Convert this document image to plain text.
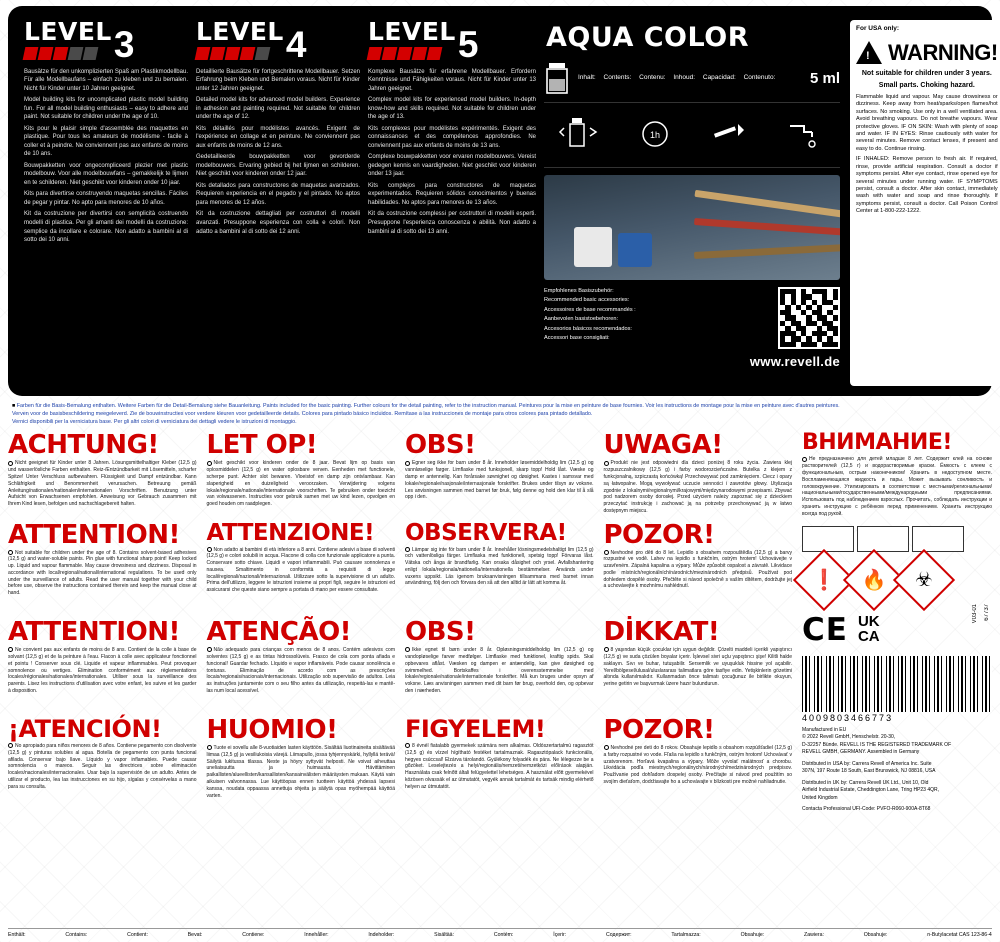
LEVEL 3

Bausätze für den unkomplizierten Spaß am Plastikmodellbau. Für alle Modellbaufans – einfach zu kleben und zu bemalen. Nicht für Kinder unter 10 Jahren geeignet.

Model building kits for uncomplicated plastic model building fun. For all model building enthusiasts – easy to adhere and paint. Not suitable for children under the age of 10.

Kits pour le plaisir simple d'assemblée des maquettes en plastique. Pour tous les amateurs de modélisme - facile à coller et à peindre. Ne conviennent pas aux enfants de moins de 10 ans.

Bouwpakketten voor ongecompliceerd plezier met plastic modelbouw. Voor alle modelbouwfans – gemakkelijk te lijmen en te schilderen. Niet geschikt voor kinderen onder 10 jaar.

Kits para divertirse construyendo maquetas sencillas. Fáciles de pegar y pintar. No apto para menores de 10 años.

Kit da costruzione per divertirsi con semplicità costruendo modelli di plastica. Per gli amanti dei modelli da costruzione: semplice da incollare e colorare. Non adatto a bambini al di sotto dei 10 anni.

LEVEL 4

Detaillierte Bausätze für fortgeschrittene Modellbauer. Setzen Erfahrung beim Kleben und Bemalen voraus. Nicht für Kinder unter 12 Jahren geeignet.

Detailed model kits for advanced model builders. Experience in adhesion and painting required. Not suitable for children under the age of 12.

Kits détaillés pour modélistes avancés. Exigent de l'expérience en collage et en peinture. Ne conviennent pas aux enfants de moins de 12 ans.

Gedetailleerde bouwpakketten voor gevorderde modelbouwers. Ervaring gebied bij het lijmen en schilderen. Niet geschikt voor kinderen onder 12 jaar.

Kits detallados para constructores de maquetas avanzados. Requieren experiencia en el pegado y el pintado. No aptos para menores de 12 años.

Kit da costruzione dettagliati per costruttori di modelli avanzati. Presuppone esperienza con colla e colori. Non adatto a bambini al di sotto dei 12 anni.

LEVEL 5

Komplexe Bausätze für erfahrene Modellbauer. Erfordern Kenntnisse und Fähigkeiten voraus. Nicht für Kinder unter 13 Jahren geeignet.

Complex model kits for experienced model builders. In-depth know-how and skills required. Not suitable for children under the age of 13.

Kits complexes pour modélistes expérimentés. Exigent des connaissances et des compétences approfondies. Ne conviennent pas aux enfants de moins de 13 ans.

Complexe bouwpakketten voor ervaren modelbouwers. Vereist gedegen kennis en vaardigheden. Niet geschikt voor kinderen onder 13 jaar.

Kits complejos para constructores de maquetas experimentados. Requieren sólidos conocimientos y buenas habilidades. No aptos para menores de 13 años.

Kit da costruzione complessi per costruttori di modelli esperti. Presuppone l'esperienza conoscenza e abilità. Non adatto a bambini al di sotto dei 13 anni.

AQUA COLOR
Inhalt: Contents: Contenu: Inhoud: Capacidad: Contenuto:	5 ml
1h
Empfohlenes Basiszubehör:
Recommended basic accessories:
Accessoires de base recommandés :
Aanbevolen basistoebehoren:
Accesorios básicos recomendados:
Accessori base consigliati:
www.revell.de
For USA only:
!
WARNING!
Not suitable for children under 3 years.
Small parts. Choking hazard.

Flammable liquid and vapour. May cause drowsiness or dizziness. Keep away from heat/sparks/open flames/hot surfaces. No smoking. Use only in a well ventilated area. Avoid breathing vapours. Do not breathe vapours. Wear protective gloves. IF ON SKIN: Wash with plenty of soap and water. IF IN EYES: Rinse cautiously with water for several minutes. Remove contact lenses, if present and easy to do. Continue rinsing.

IF INHALED: Remove person to fresh air. If required, rinse, provide artificial respiration. Consult a doctor if symptoms persist. After eye contact, rinse opened eye for several minutes under running water. IF SYMPTOMS persist, consult a doctor. After skin contact, immediately wash with water and soap and rinse thoroughly. If symptoms persist, consult a doctor. Call Poison Control Center at 1-800-222-1222.

■ Farben für die Basis-Bemalung enthalten. Weitere Farben für die Detail-Bemalung siehe Bauanleitung. Paints included for the basic painting. Further colours for the detail painting, refer to the instruction manual. Peintures pour la mise en peinture de base fournies. Voir les instructions de montage pour la mise en peinture avec d'autres peintures.
Verven voor de basisbeschildering meegeleverd. Zie de bouwinstructies voor verdere kleuren voor gedetailleerde details. Colores para pintado básico incluidos. Remítase a las instrucciones de montaje para otros colores para pintado detallado.
Vernici disponibili per la verniciatura base. Per gli altri colori di verniciatura dei dettagli vedere le istruzioni di montaggio.
ACHTUNG!
Nicht geeignet für Kinder unter 8 Jahren. Lösungsmittelhaltiger Kleber (12,5 g) und wasserlösliche Farben enthalten. Reiz-/Entzündbarkeit mit Lösemitteln, scharfer Spitze! Unter Verschluss aufbewahren. Flüssigkeit und Dampf entzündbar. Kann Schläfrigkeit und Benommenheit verursachen. Betreuung gemäß Anleitung/nationalen/nationalen/internationalen Vorschriften. Benutzung unter Aufsicht von Erwachsenen empfohlen. Anweisung vor Gebrauch zusammen mit Ihrem Kind lesen, befolgen und nachschlagebereit halten.
LET OP!
Niet geschikt voor kinderen onder de 8 jaar. Bevat lijm op basis van oplosmiddelen (12,5 g) en water oplosbare verven. Eenheden met functionele, scherpe punt. Achter slot bewaren. Vloeistof en damp zijn ontvlambaar. Kan slaperigheid en duizeligheid veroorzaken. Verwijdering volgens lokale/regionale/nationale/internationale voorschriften. Te gebruiken onder toezicht van volwassenen. Instructies voor gebruik samen met uw kind lezen, opvolgen en goed houden om raadplegen.
OBS!
Egner seg ikke for barn under 8 år. Inneholder løsemiddelholdig lim (12,5 g) og vannløselige farger. Limflaske med funksjonell, skarp topp! Hold låst. Væske og damp er antennelig. Kan forårsake søvnighet og døsighet. Kastes i samsvar med lokale/regionale/nasjonale/internasjonale forskrifter. Brukes under tilsyn av voksne. Les anvisningen sammen med barnet før bruk, følg denne og hold den klar til å slå opp i den.
UWAGA!
Produkt nie jest odpowiedni dla dzieci poniżej 8 roku życia. Zawiera klej rozpuszczalnikowy (12,5 g) i farby wodorozcieńczalne. Butelka z klejem z funkcjonalną, szpiczastą końcówką! Przechowywać pod zamknięciem. Ciecz i opary są łatwopalne. Mogą wywoływać uczucie senności i zawrotów głowy. Utylizacja zgodnie z lokalnymi/regionalnymi/krajowymi/międzynarodowymi przepisami. Zbywać pod nadzorem osoby dorosłej. Przed użyciem należy zapoznać się z dzieckiem przeczytać instrukcję i zachować ją na potrzeby przechowywać ją w łatwo dostępnym miejscu.
ВНИМАНИЕ!
Не предназначено для детей младше 8 лет. Содержит клей на основе растворителей (12,5 г) и водорастворимые краски. Ёмкость с клеем с функциональным, острым наконечником! Хранить в недоступном месте. Воспламеняющаяся жидкость и пары. Может вызывать сонливость и головокружение. Утилизировать в соответствии с местными/региональными/национальными/государственными/международными предписаниями. Использовать под наблюдением взрослых. Прочитать, соблюдать инструкции и хранить инструкцию с ребёнком перед применением. Хранить инструкцию всегда под рукой.
ATTENTION!
Not suitable for children under the age of 8. Contains solvent-based adhesives (12,5 g) and water-soluble paints. Pin glue with functional sharp point! Keep locked up. Liquid and vapour flammable. May cause drowsiness and dizziness. Disposal in accordance with local/regional/national/international regulations. To be used only under the surveillance of adults. Read the user manual together with your child before use, observe the instructions contained therein and keep the manual close at hand.
ATTENZIONE!
Non adatto ai bambini di età inferiore a 8 anni. Contiene adesivi a base di solventi (12,5 g) e colori solubili in acqua. Flacone di colla con funzionale applicatore a punta. Conservare sotto chiave. Liquidi e vapori infiammabili. Può causare sonnolenza e nausea. Smaltimento in conformità a requisiti di legge locali/regionali/nazionali/internazionali. Utilizzare sotto la supervisione di un adulto. Prima dell'utilizzo, leggere le istruzioni insieme ai propri figli, seguire le istruzioni ed assicurarsi che queste siano sempre a portata di mano per essere consultate.
OBSERVERA!
Lämpar sig inte för barn under 8 år. Innehåller lösningsmedelshaltigt lim (12,5 g) och vattenlösliga färger. Limflaska med funktionell, spetsig topp! Förvaras låst. Vätska och ånga är brandfarlig. Kan orsaka dåsighet och yrsel. Avfallshantering enligt lokala/regionala/nationella/internationella bestämmelser. Används under vuxens uppsikt. Läs igenom bruksanvisningen tillsammans med barnet innan användning, följ den och förvara den så att den alltid är lätt att komma åt.
POZOR!
Nevhodné pro děti do 8 let. Lepidlo s obsahem rozpouštědla (12,5 g) a barvy rozpustné ve vodě. Lahev na lepidlo s funkčním, ostrým hrotem! Uchovávejte v uzavřeném. Zápalná kapalina a výpary. Může způsobit ospalost a závratě. Likvidace podle místních/regionálních/národních/mezinárodních předpisů. Používat pod dohledem dospělé osoby. Přečtěte si návod společně s vaším dítětem, dodržujte jej a uchovávejte k mozhnímu nahlédnutí.	❗ 🔥 ☣
CE UK
CA
4009803466773

Manufactured in EU
© 2022 Revell GmbH, Henschelstr. 20-30,
D-32257 Bünde. REVELL IS THE REGISTERED TRADEMARK OF
REVELL GMBH, GERMANY. Assembled in Germany

Distributed in USA by: Carrera Revell of America Inc. Suite
307N, 197 Route 18 South, East Brunswick, NJ 08816, USA

Distributed in UK by: Carrera Revell UK Ltd., Unit 10, Old
Airfield Industrial Estate, Cheddington Lane, Tring HP23 4QR,
United Kingdom

Contacta Professional UFI-Code: PVFO-R060-900A-8T68

67737
V03-01
ATTENTION!
Ne convient pas aux enfants de moins de 8 ans. Contient de la colle à base de solvant (12,5 g) et de la peinture à l'eau. Flacon à colle avec applicateur fonctionnel et pointu ! Conserver sous clé. Liquide et vapeur inflammables. Peut provoquer somnolence ou vertiges. Élimination conformément aux réglementations locales/régionales/nationales/internationales. Utiliser sous la surveillance des parents. Lisez les instructions d'utilisation avec votre enfant, les suivre et les garder à disposition.
ATENÇÃO!
Não adequado para crianças com menos de 8 anos. Contém adesivos com solventes (12,5 g) e as tintas hidrossolúveis. Frasco de cola com ponta afiada e funcional! Guardar fechado. Líquido e vapor inflamáveis. Pode causar sonolência e tonturas. Eliminação de acordo com as prescrições locais/regionais/nacionais/internacionais. Utilização sob supervisão de adultos. Leia as instruções juntamente com o seu filho antes da utilização, respeitá-las e mantê-las num local acessível.
OBS!
Ikke egnet til børn under 8 år. Opløsningsmiddelholdig lim (12,5 g) og vandopløselige farver medfølger. Limflaske med funktionel, kraftig spids. Skal opbevares aflåst. Væsken og dampen er antændelig, kan give døsighed og svimmelhed. Bortskaffes i overensstemmelse med lokale/regionale/nationale/internationale forskrifter. Må kun bruges under opsyn af voksne. Læs anvisningen sammen med dit barn før brug, overhold den, og opbevar den i nærheden.
DİKKAT!
8 yaşından küçük çocuklar için uygun değildir. Çözelti maddeli içerikli yapıştırıcı (12,5 g) ve suda çözülen boyalar içerir. İşlevsel sivri uçlu yapıştırıcı şişe! Kilitli halde saklayın. Sıvı ve buhar, tutuşabilir. Sersemlik ve uyuşukluk hissine yol açabilir. Yerel/bölgesel/ulusal/uluslararası talimatlara göre tasfiye edin. Yetişkinlerin gözetimi altında kullanılmalıdır. Kullanmadan önce talimatı çocuğunuz ile birlikte okuyun, yerine getirin ve başvurmak üzere hazır bulundurun.
¡ATENCIÓN!
No apropiado para niños menores de 8 años. Contiene pegamento con disolvente (12,5 g) y pinturas solubles al agua. Botella de pegamento con punta funcional afilada. Conservar bajo llave. Líquido y vapor inflamables. Puede causar somnolencia o mareos. Seguir las directrices sobre eliminación locales/nacionales/internacionales. Usar bajo la supervisión de un adulto. Antes de utilizar el producto, lea las instrucciones en su hijo, sígalas y consérvelas a mano para su consulta.
HUOMIO!
Tuote ei sovellu alle 8-vuotiaiden lasten käyttöön. Sisältää liuotinaineita sisältävää liimaa (12,5 g) ja vesiliukoisia värejä. Liimapullo, jossa tyhjennyskärki, hyllyllä terävä! Säilytä lukitussa tilassa. Neste ja höyry syttyvät helposti. Ne voivat aiheuttaa uneliaisuutta ja huimausta. Hävittäminen paikallisten/alueellisten/kansallisten/kansainvälisten määräysten mukaan. Käytä vain aikuisen valvonnassa. Lue käyttöopas ennen tuotteen käyttöä yhdessä lapsesi kanssa, noudata oppaassa annettuja ohjeita ja säilytä opas myöhempää käyttöä varten.
FIGYELEM!
8 évnél fiatalabb gyermekek számára nem alkalmas. Oldószertartalmú ragasztót (12,5 g) és vízzel hígítható festéket tartalmaznak. Ragasztópalack funkcionális, hegyes csúccsal! Elzárva tárolandó. Gyúlékony folyadék és pára. Ne lélegezze be a gőzöket. Leselejtezés a helyi/regionális/nemzeti/nemzetközi előírások alapján. Használata csak felnőtt általi felügyelettel lehetséges. A használat előtt gyermekével közösen olvassák el az útmutatót, vegyék annak tartalmát és tartsák mindig elérhető helyen az útmutatót.
POZOR!
Nevhodné pre deti do 8 rokov. Obsahuje lepidlo s obsahom rozpúšťadiel (12,5 g) a farby rozpustné vo vode. Fľaša na lepidlo s funkčným, ostrým hrotom! Uchovávať v uzatvorenom. Horľavá kvapalina a výpary. Môže vyvolať malátnosť a chorobu. Likvidácia podľa miestnych/regionálnych/národných/medzinárodných predpisov. Používanie pod dohľadom dospelej osoby. Prečítajte si návod pred použitím so svojím dieťaťom, dodržiavajte ho a uchovávajte v blízkosti pre možné nahliadnutie.
Enthält:	Contains:	Contient:	Bevat:	Contiene:	Innehåller:	Indeholder:	Sisältää:	Contém:	İçerir:	Содержит:	Tartalmazza:	Obsahuje:	Zawiera:	Obsahuje:	n-Butylacetat CAS 123-86-4
